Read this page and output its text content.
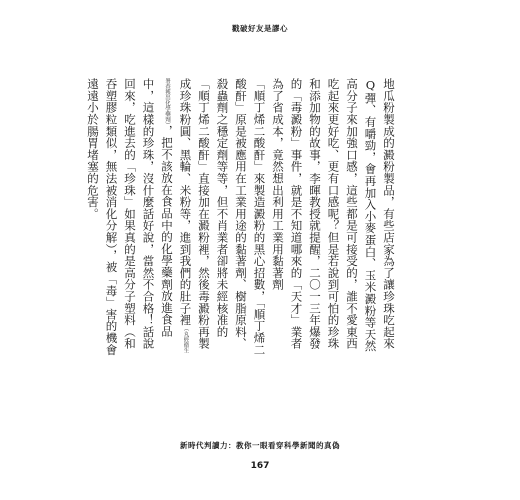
戳破好友是謬心

地瓜粉製成的澱粉製品，有些店家為了讓珍珠吃起來Q彈、有嚼勁，會再加入小麥蛋白、玉米澱粉等天然高分子來加強口感，這些都是可接受的，誰不愛東西吃起來更好吃、更有口感呢？但是若說到可怕的珍珠和添加物的故事，李暉教授就提醒，二〇一三年爆發的「毒澱粉」事件，就是不知道哪來的「天才」業者為了省成本，竟然想出利用工業用黏著劑

「順丁烯二酸酐」來製造澱粉的黑心招數，「順丁烯二酸酐」原是被應用在工業用途的黏著劑、樹脂原料、殺蟲劑之穩定劑等等，但不肖業者卻將未經核准的「順丁烯二酸酐」直接加在澱粉裡，然後毒澱粉再製成珍珠粉圓、黑輪、米粉等，進到我們的肚子裡（丸經衛生署查獲出化學藥劑），把不該放在食品中的化學藥劑放進食品中，這樣的珍珠，沒什麼話好說，當然不合格！話說回來，吃進去的「珍珠」如果真的是高分子塑料（和吞塑膠粒類似，無法被消化分解），被「毒」害的機會遠遠小於腸胃堵塞的危害。

新時代判讀力：教你一眼看穿科學新聞的真偽
167
